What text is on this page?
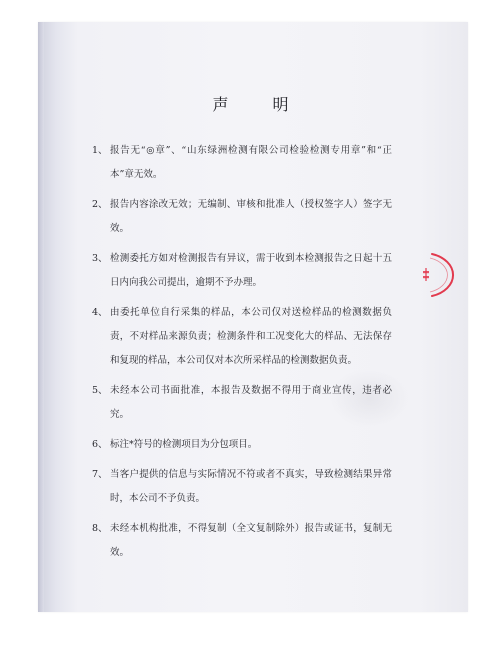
声　明
1、 报告无“◎章”、“山东绿洲检测有限公司检验检测专用章”和“正本”章无效。
2、 报告内容涂改无效；无编制、审核和批准人（授权签字人）签字无效。
3、 检测委托方如对检测报告有异议，需于收到本检测报告之日起十五日内向我公司提出，逾期不予办理。
4、 由委托单位自行采集的样品，本公司仅对送检样品的检测数据负责，不对样品来源负责；检测条件和工况变化大的样品、无法保存和复现的样品，本公司仅对本次所采样品的检测数据负责。
5、 未经本公司书面批准，本报告及数据不得用于商业宣传，违者必究。
6、 标注*符号的检测项目为分包项目。
7、 当客户提供的信息与实际情况不符或者不真实，导致检测结果异常时，本公司不予负责。
8、 未经本机构批准，不得复制（全文复制除外）报告或证书，复制无效。
